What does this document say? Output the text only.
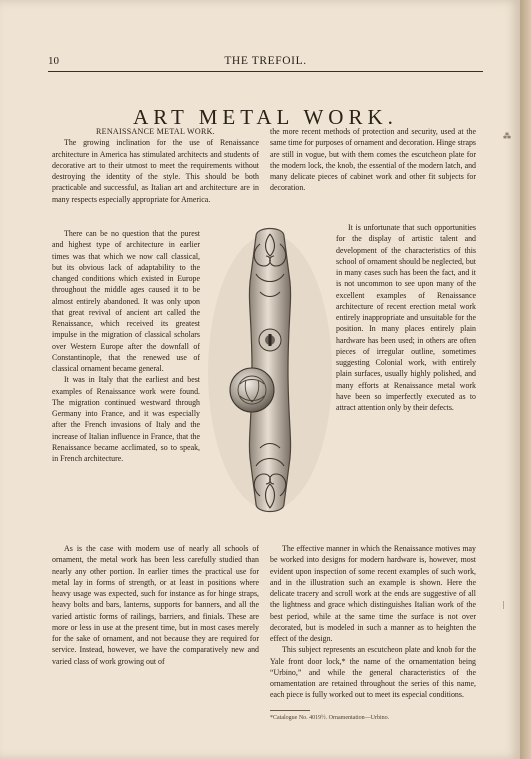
10	THE TREFOIL.
ART METAL WORK.

RENAISSANCE METAL WORK.

The growing inclination for the use of Renaissance architecture in America has stimulated architects and students of decorative art to their utmost to meet the requirements without destroying the identity of the style. This should be both practicable and successful, as Italian art and architecture are in many respects especially appropriate for America.

There can be no question that the purest and highest type of architecture in earlier times was that which we now call classical, but its obvious lack of adaptability to the changed conditions which existed in Europe throughout the middle ages caused it to be almost entirely abandoned. It was only upon that great revival of ancient art called the Renaissance, which received its greatest impulse in the migration of classical scholars over Western Europe after the downfall of Constantinople, that the renewed use of classical ornament became general.

It was in Italy that the earliest and best examples of Renaissance work were found. The migration continued westward through Germany into France, and it was especially after the French invasions of Italy and the increase of Italian influence in France, that the Renaissance became acclimated, so to speak, in French architecture.

As is the case with modern use of nearly all schools of ornament, the metal work has been less carefully studied than nearly any other portion. In earlier times the practical use for metal lay in forms of strength, or at least in positions where heavy usage was expected, such for instance as for hinge straps, heavy bolts and bars, lanterns, supports for banners, and all the varied artistic forms of railings, barriers, and finials. These are more or less in use at the present time, but in most cases merely for the sake of ornament, and not because they are required for service. Instead, however, we have the comparatively new and varied class of work growing out of

the more recent methods of protection and security, used at the same time for purposes of ornament and decoration. Hinge straps are still in vogue, but with them comes the escutcheon plate for the modern lock, the knob, the essential of the modern latch, and many delicate pieces of cabinet work and other fit subjects for decoration.

It is unfortunate that such opportunities for the display of artistic talent and development of the characteristics of this school of ornament should be neglected, but in many cases such has been the fact, and it is not uncommon to see upon many of the excellent examples of Renaissance architecture of recent erection metal work entirely inappropriate and unsuitable for the position. In many places entirely plain hardware has been used; in others are often pieces of irregular outline, sometimes suggesting Colonial work, with entirely plain surfaces, usually highly polished, and many efforts at Renaissance metal work have been so imperfectly executed as to attract attention only by their defects.

The effective manner in which the Renaissance motives may be worked into designs for modern hardware is, however, most evident upon inspection of some recent examples of such work, and in the illustration such an example is shown. Here the delicate tracery and scroll work at the ends are suggestive of all the lightness and grace which distinguishes Italian work of the best period, while at the same time the surface is not over decorated, but is modeled in such a manner as to heighten the effect of the design.

This subject represents an escutcheon plate and knob for the Yale front door lock,* the name of the ornamentation being “Urbino,” and while the general characteristics of the ornamentation are retained throughout the series of this name, each piece is fully worked out to meet its especial conditions.

*Catalogue No. 4019½. Ornamentation—Urbino.
⁂
|
